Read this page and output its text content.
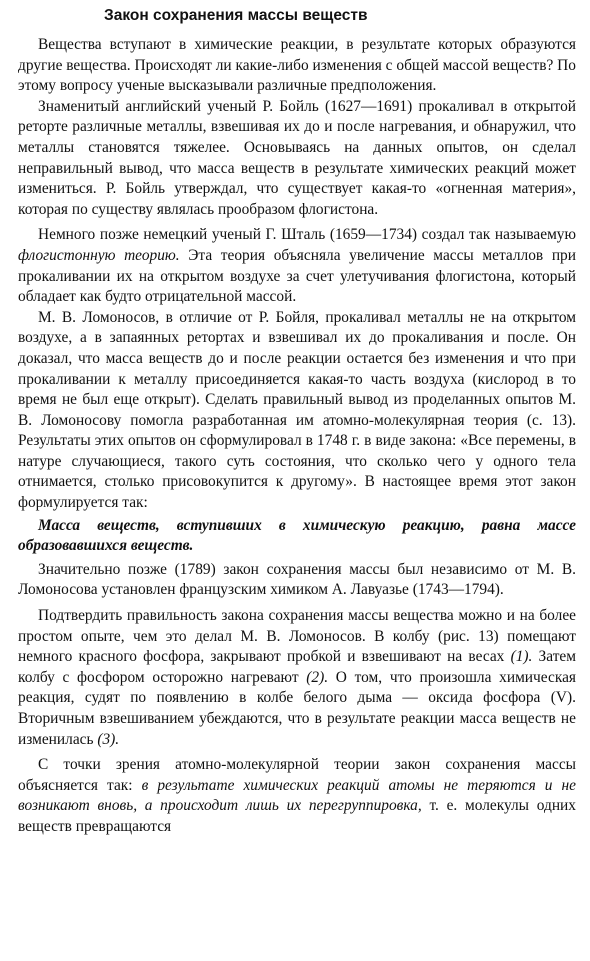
Закон сохранения массы веществ

Вещества вступают в химические реакции, в результате которых образуются другие вещества. Происходят ли какие-либо изменения с общей массой веществ? По этому вопросу ученые высказывали различные предположения.

Знаменитый английский ученый Р. Бойль (1627—1691) прокаливал в открытой реторте различные металлы, взвешивая их до и после нагревания, и обнаружил, что металлы становятся тяжелее. Основываясь на данных опытов, он сделал неправильный вывод, что масса веществ в результате химических реакций может измениться. Р. Бойль утверждал, что существует какая-то «огненная материя», которая по существу являлась прообразом флогистона.

Немного позже немецкий ученый Г. Шталь (1659—1734) создал так называемую флогистонную теорию. Эта теория объясняла увеличение массы металлов при прокаливании их на открытом воздухе за счет улетучивания флогистона, который обладает как будто отрицательной массой.

М. В. Ломоносов, в отличие от Р. Бойля, прокаливал металлы не на открытом воздухе, а в запаянных ретортах и взвешивал их до прокаливания и после. Он доказал, что масса веществ до и после реакции остается без изменения и что при прокаливании к металлу присоединяется какая-то часть воздуха (кислород в то время не был еще открыт). Сделать правильный вывод из проделанных опытов М. В. Ломоносову помогла разработанная им атомно-молекулярная теория (с. 13). Результаты этих опытов он сформулировал в 1748 г. в виде закона: «Все перемены, в натуре случающиеся, такого суть состояния, что сколько чего у одного тела отнимается, столько присовокупится к другому». В настоящее время этот закон формулируется так:

Масса веществ, вступивших в химическую реакцию, равна массе образовавшихся веществ.

Значительно позже (1789) закон сохранения массы был независимо от М. В. Ломоносова установлен французским химиком А. Лавуазье (1743—1794).

Подтвердить правильность закона сохранения массы вещества можно и на более простом опыте, чем это делал М. В. Ломоносов. В колбу (рис. 13) помещают немного красного фосфора, закрывают пробкой и взвешивают на весах (1). Затем колбу с фосфором осторожно нагревают (2). О том, что произошла химическая реакция, судят по появлению в колбе белого дыма — оксида фосфора (V). Вторичным взвешиванием убеждаются, что в результате реакции масса веществ не изменилась (3).

С точки зрения атомно-молекулярной теории закон сохранения массы объясняется так: в результате химических реакций атомы не теряются и не возникают вновь, а происходит лишь их перегруппировка, т. е. молекулы одних веществ превращаются
